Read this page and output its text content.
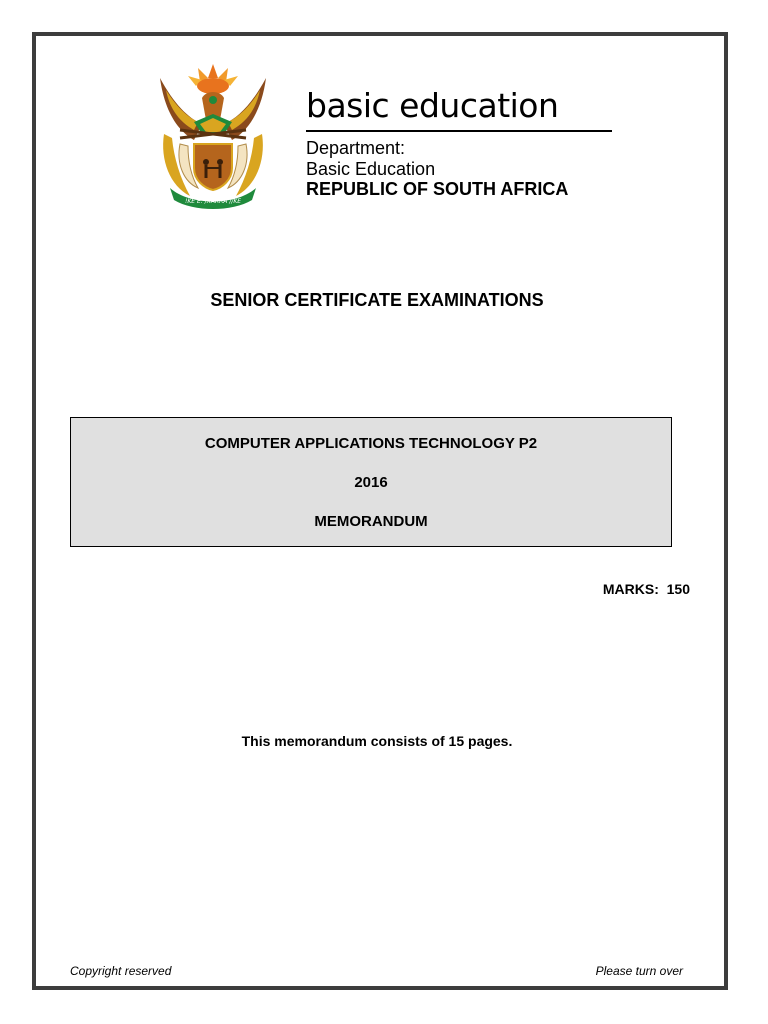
!KE E: /XARRA //KE
basic education
Department:
Basic Education
REPUBLIC OF SOUTH AFRICA
SENIOR CERTIFICATE EXAMINATIONS
COMPUTER APPLICATIONS TECHNOLOGY P2
2016
MEMORANDUM
MARKS:  150
This memorandum consists of 15 pages.
Copyright reserved	Please turn over
